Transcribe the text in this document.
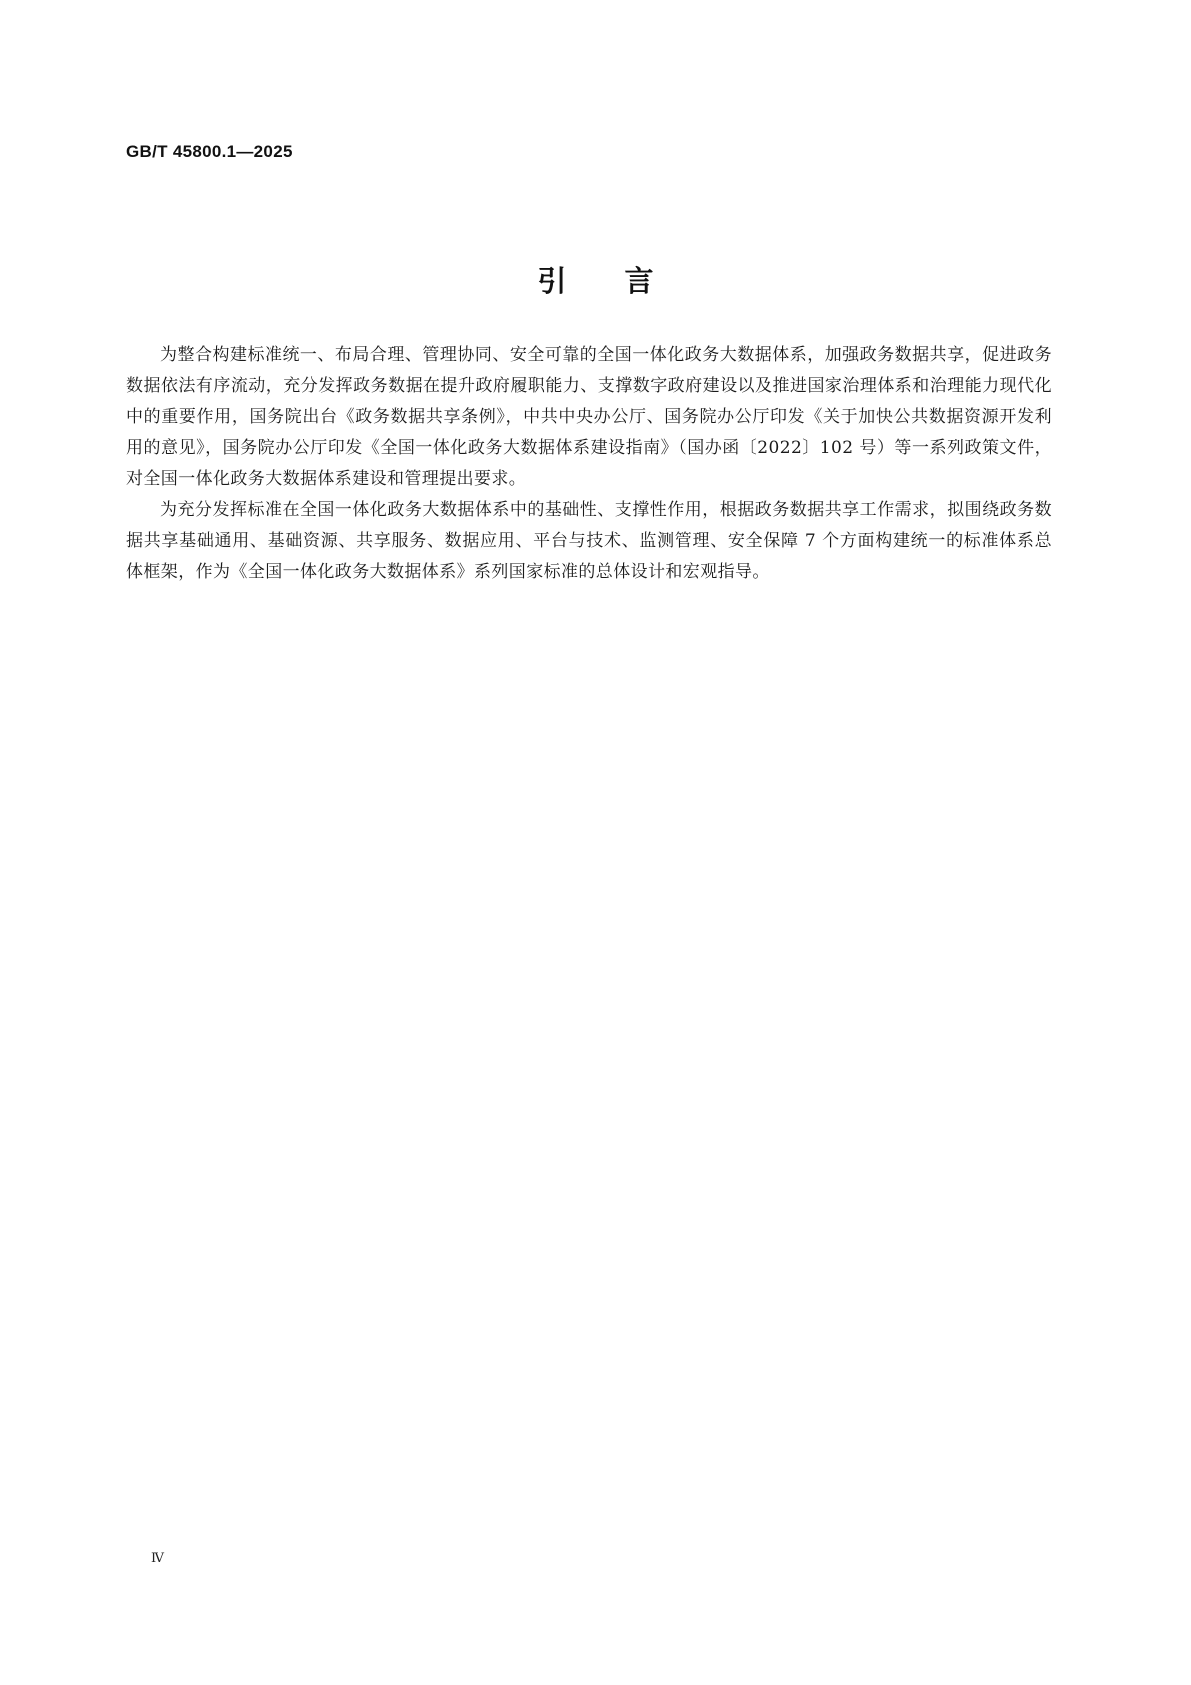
GB/T 45800.1—2025
引言

为整合构建标准统一、布局合理、管理协同、安全可靠的全国一体化政务大数据体系，加强政务数据共享，促进政务数据依法有序流动，充分发挥政务数据在提升政府履职能力、支撑数字政府建设以及推进国家治理体系和治理能力现代化中的重要作用，国务院出台《政务数据共享条例》，中共中央办公厅、国务院办公厅印发《关于加快公共数据资源开发利用的意见》，国务院办公厅印发《全国一体化政务大数据体系建设指南》（国办函〔2022〕102 号）等一系列政策文件，对全国一体化政务大数据体系建设和管理提出要求。

为充分发挥标准在全国一体化政务大数据体系中的基础性、支撑性作用，根据政务数据共享工作需求，拟围绕政务数据共享基础通用、基础资源、共享服务、数据应用、平台与技术、监测管理、安全保障 7 个方面构建统一的标准体系总体框架，作为《全国一体化政务大数据体系》系列国家标准的总体设计和宏观指导。

Ⅳ
